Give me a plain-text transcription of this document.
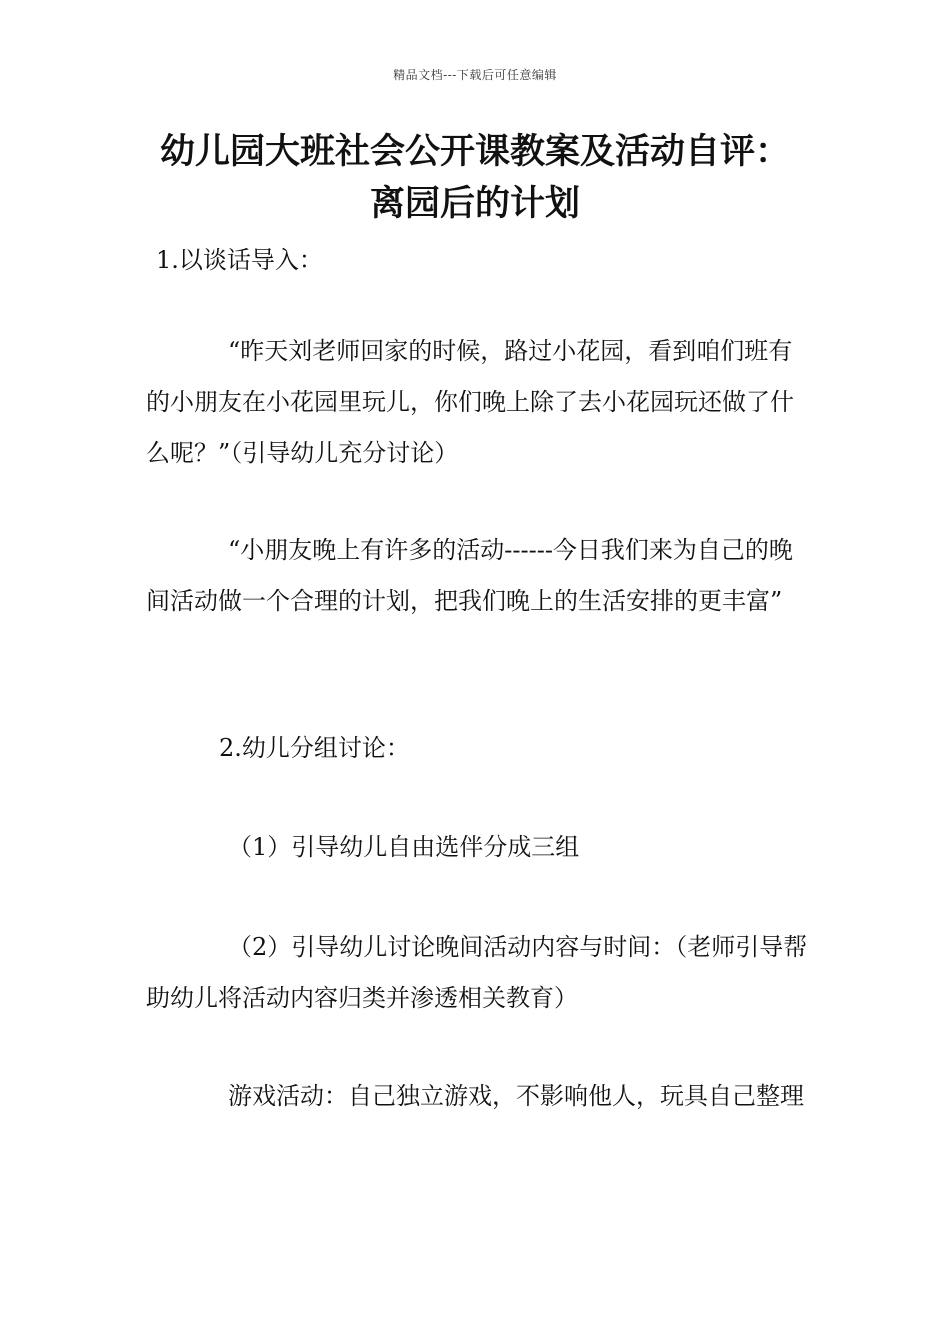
精品文档---下载后可任意编辑
幼儿园大班社会公开课教案及活动自评：
离园后的计划

1.以谈话导入：

“昨天刘老师回家的时候，路过小花园，看到咱们班有的小朋友在小花园里玩儿，你们晚上除了去小花园玩还做了什么呢？”（引导幼儿充分讨论）

“小朋友晚上有许多的活动------今日我们来为自己的晚间活动做一个合理的计划，把我们晚上的生活安排的更丰富”

2.幼儿分组讨论：

（1）引导幼儿自由选伴分成三组

（2）引导幼儿讨论晚间活动内容与时间：（老师引导帮助幼儿将活动内容归类并渗透相关教育）

游戏活动：自己独立游戏，不影响他人，玩具自己整理
